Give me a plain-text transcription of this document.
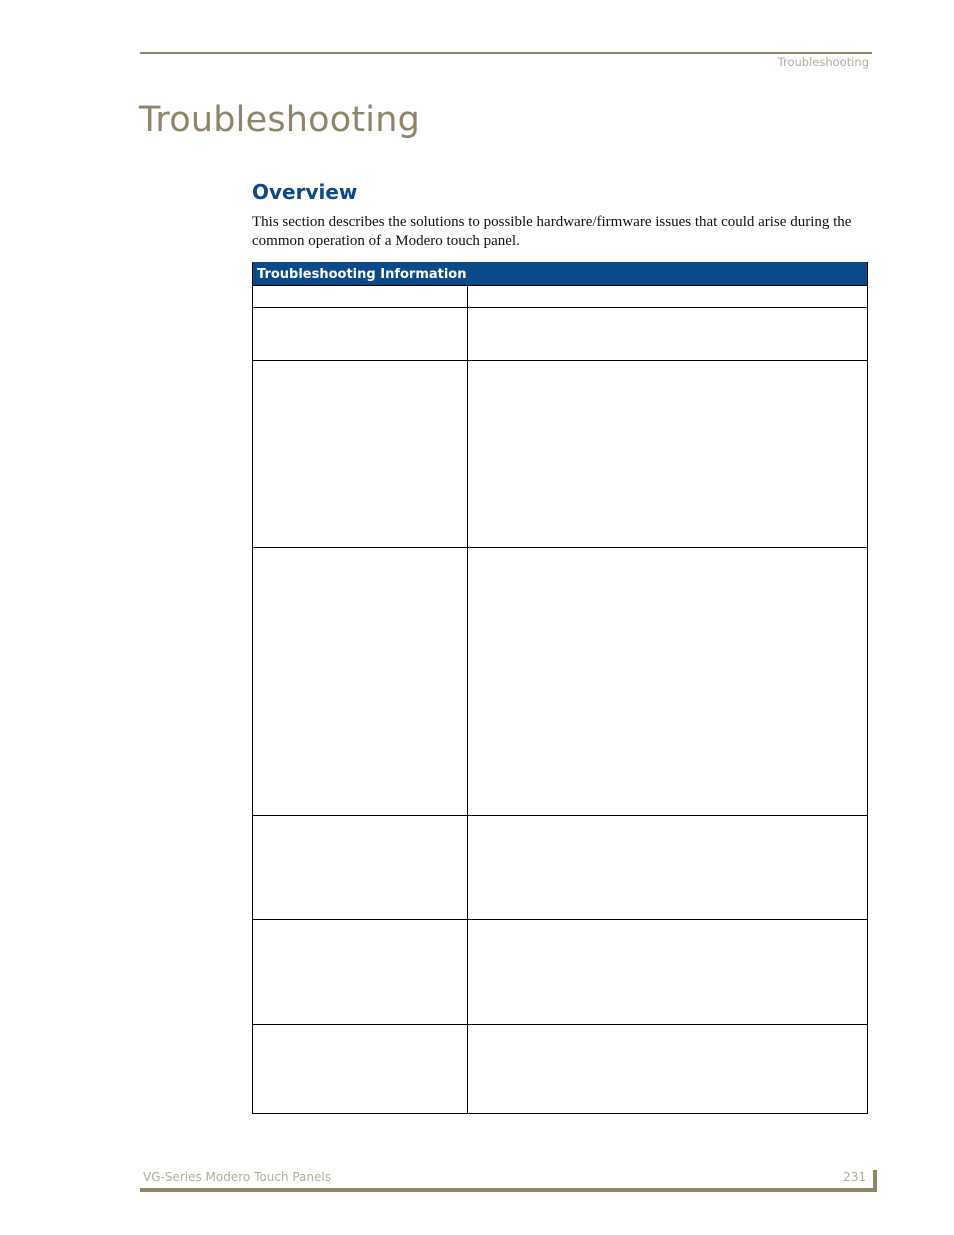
Troubleshooting
Troubleshooting
Overview

This section describes the solutions to possible hardware/firmware issues that could arise during the common operation of a Modero touch panel.

Troubleshooting Information	

VG-Series Modero Touch Panels	231
